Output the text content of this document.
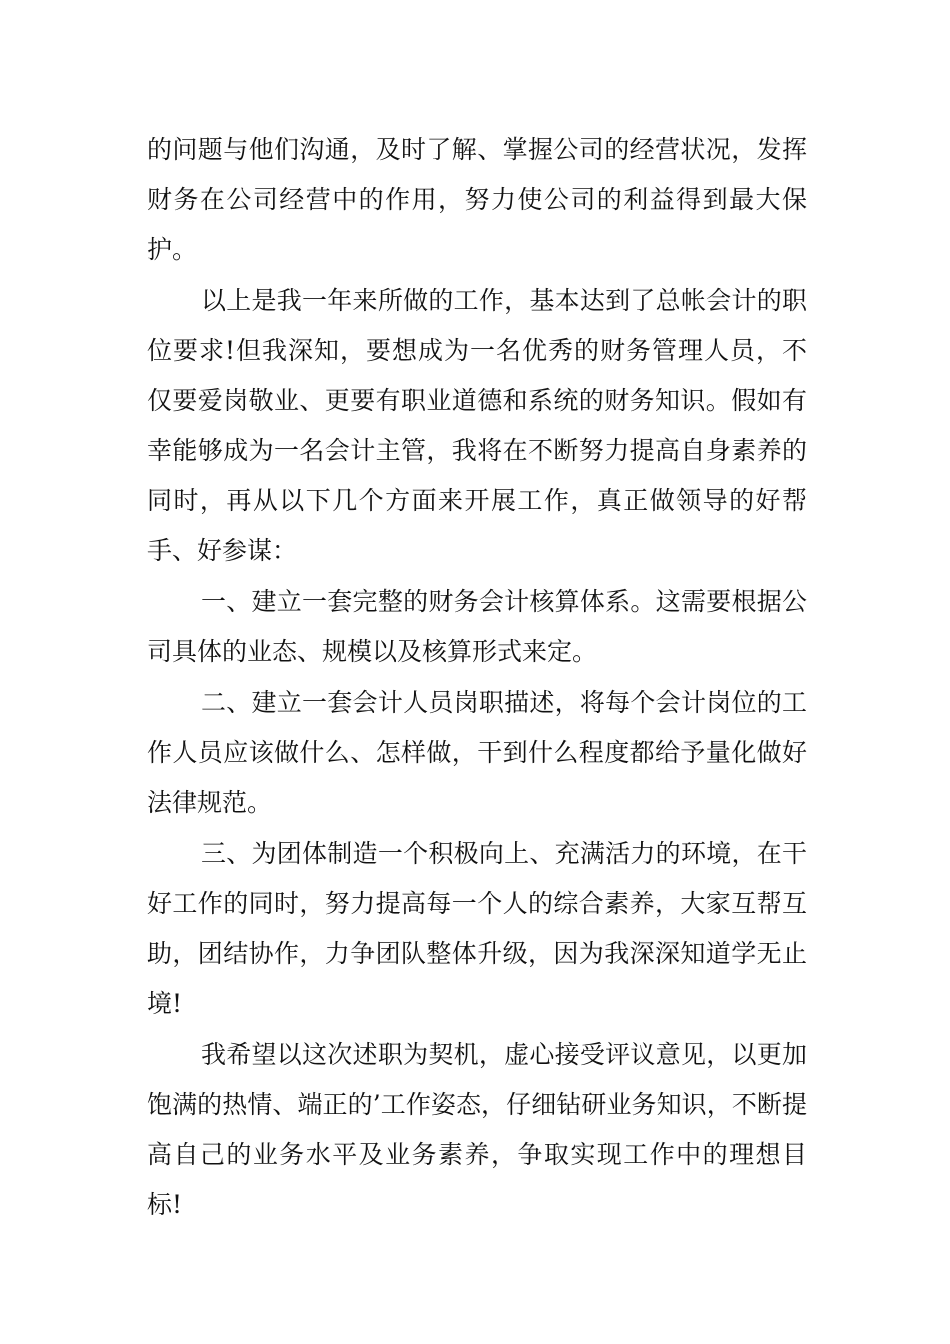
的问题与他们沟通，及时了解、掌握公司的经营状况，发挥财务在公司经营中的作用，努力使公司的利益得到最大保护。

以上是我一年来所做的工作，基本达到了总帐会计的职位要求!但我深知，要想成为一名优秀的财务管理人员，不仅要爱岗敬业、更要有职业道德和系统的财务知识。假如有幸能够成为一名会计主管，我将在不断努力提高自身素养的同时，再从以下几个方面来开展工作，真正做领导的好帮手、好参谋：

一、建立一套完整的财务会计核算体系。这需要根据公司具体的业态、规模以及核算形式来定。

二、建立一套会计人员岗职描述，将每个会计岗位的工作人员应该做什么、怎样做，干到什么程度都给予量化做好法律规范。

三、为团体制造一个积极向上、充满活力的环境，在干好工作的同时，努力提高每一个人的综合素养，大家互帮互助，团结协作，力争团队整体升级，因为我深深知道学无止境!

我希望以这次述职为契机，虚心接受评议意见，以更加饱满的热情、端正的’工作姿态，仔细钻研业务知识，不断提高自己的业务水平及业务素养，争取实现工作中的理想目标!
